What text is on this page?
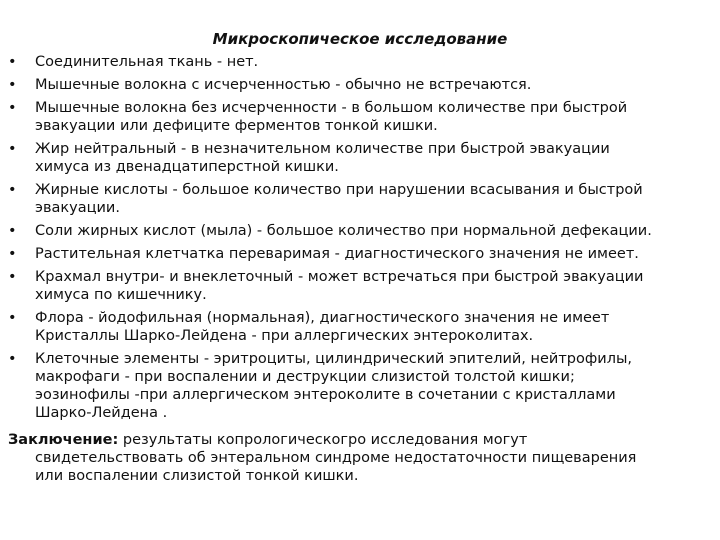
Микроскопическое исследование
• Соединительная ткань - нет.
• Мышечные волокна с исчерченностью - обычно не встречаются.
• Мышечные волокна без исчерченности - в большом количестве при быстрой
эвакуации или дефиците ферментов тонкой кишки.
• Жир нейтральный - в незначительном количестве при быстрой эвакуации
химуса из двенадцатиперстной кишки.
• Жирные кислоты - большое количество при нарушении всасывания и быстрой
эвакуации.
• Соли жирных кислот (мыла) - большое количество при нормальной дефекации.
• Растительная клетчатка переваримая - диагностического значения не имеет.
• Крахмал внутри- и внеклеточный - может встречаться при быстрой эвакуации
химуса по кишечнику.
• Флора - йодофильная (нормальная), диагностического значения не имеет
Кристаллы Шарко-Лейдена - при аллергических энтероколитах.
• Клеточные элементы - эритроциты, цилиндрический эпителий, нейтрофилы,
макрофаги - при воспалении и деструкции слизистой толстой кишки;
эозинофилы -при аллергическом энтероколите в сочетании с кристаллами
Шарко-Лейдена .
Заключение: результаты копрологическогро исследования могут
свидетельствовать об энтеральном синдроме недостаточности пищеварения
или воспалении слизистой тонкой кишки.
